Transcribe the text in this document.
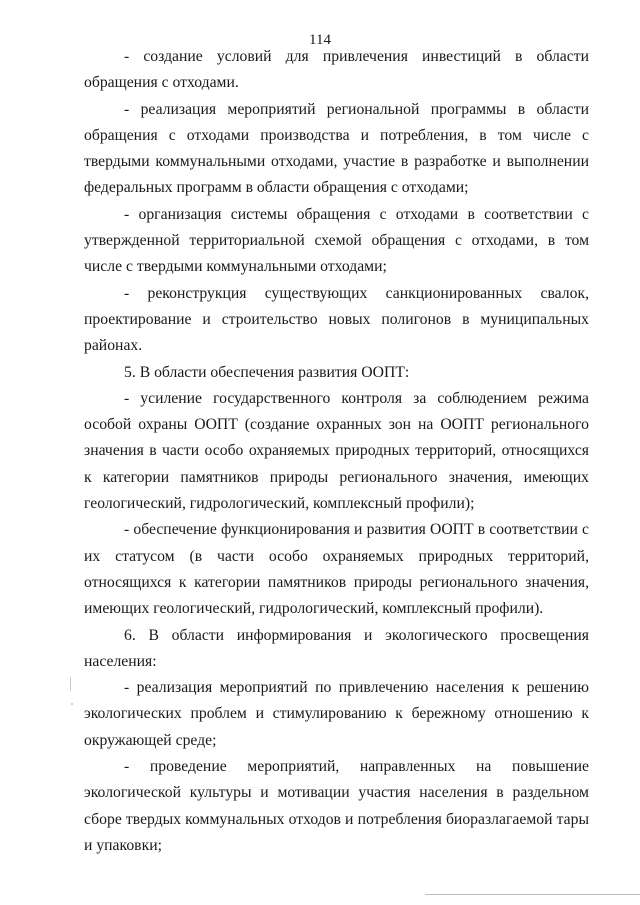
114

- создание условий для привлечения инвестиций в области обращения с отходами.

- реализация мероприятий региональной программы в области обращения с отходами производства и потребления, в том числе с твердыми коммунальными отходами, участие в разработке и выполнении федеральных программ в области обращения с отходами;

- организация системы обращения с отходами в соответствии с утвержденной территориальной схемой обращения с отходами, в том числе с твердыми коммунальными отходами;

- реконструкция существующих санкционированных свалок, проектирование и строительство новых полигонов в муниципальных районах.

5. В области обеспечения развития ООПТ:

- усиление государственного контроля за соблюдением режима особой охраны ООПТ (создание охранных зон на ООПТ регионального значения в части особо охраняемых природных территорий, относящихся к категории памятников природы регионального значения, имеющих геологический, гидрологический, комплексный профили);

- обеспечение функционирования и развития ООПТ в соответствии с их статусом (в части особо охраняемых природных территорий, относящихся к категории памятников природы регионального значения, имеющих геологический, гидрологический, комплексный профили).

6. В области информирования и экологического просвещения населения:

- реализация мероприятий по привлечению населения к решению экологических проблем и стимулированию к бережному отношению к окружающей среде;

- проведение мероприятий, направленных на повышение экологической культуры и мотивации участия населения в раздельном сборе твердых коммунальных отходов и потребления биоразлагаемой тары и упаковки;
